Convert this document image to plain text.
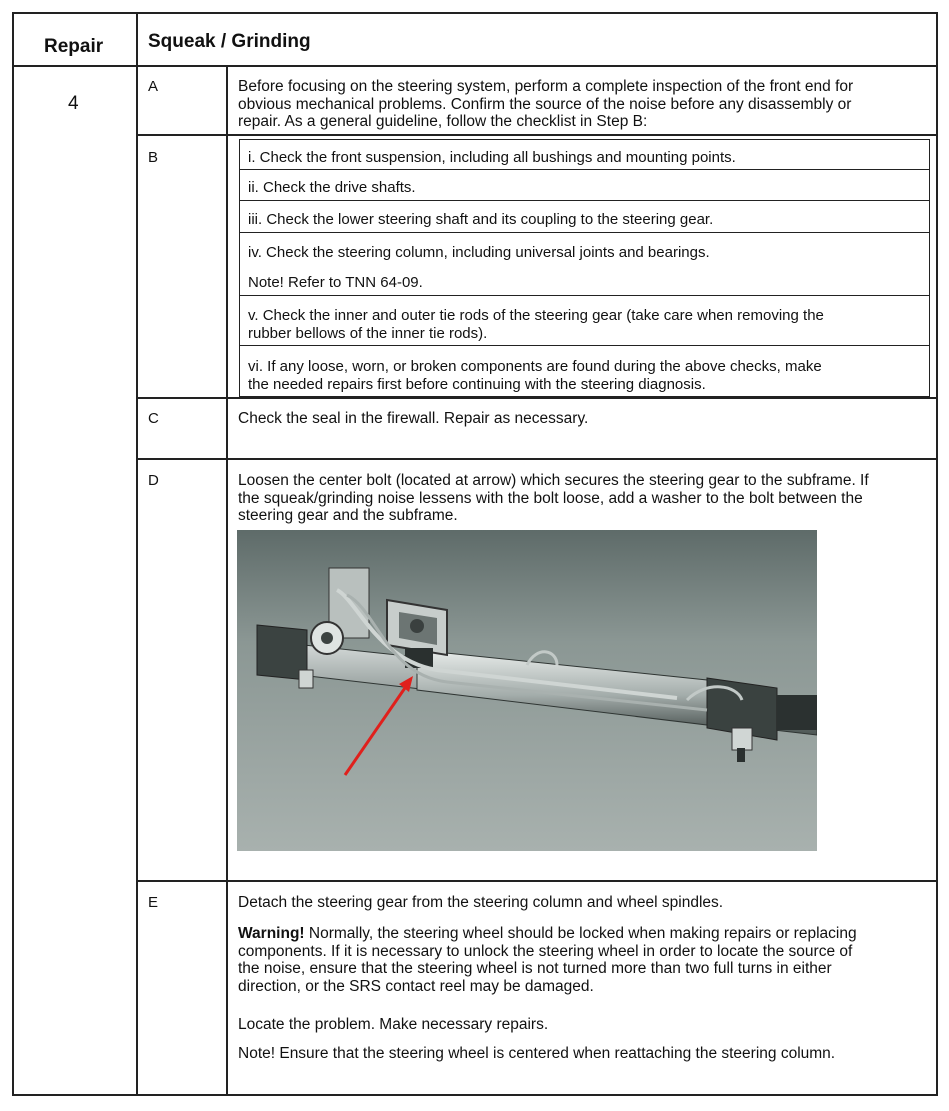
Repair Squeak / Grinding
4
A
B
C
D
E
Before focusing on the steering system, perform a complete inspection of the front end for
obvious mechanical problems. Confirm the source of the noise before any disassembly or
repair. As a general guideline, follow the checklist in Step B:
i. Check the front suspension, including all bushings and mounting points.
ii. Check the drive shafts.
iii. Check the lower steering shaft and its coupling to the steering gear.
iv. Check the steering column, including universal joints and bearings.
Note! Refer to TNN 64-09.
v. Check the inner and outer tie rods of the steering gear (take care when removing the
rubber bellows of the inner tie rods).
vi. If any loose, worn, or broken components are found during the above checks, make
the needed repairs first before continuing with the steering diagnosis.
Check the seal in the firewall. Repair as necessary.
Loosen the center bolt (located at arrow) which secures the steering gear to the subframe. If
the squeak/grinding noise lessens with the bolt loose, add a washer to the bolt between the
steering gear and the subframe.
Detach the steering gear from the steering column and wheel spindles.
Warning! Normally, the steering wheel should be locked when making repairs or replacing
components. If it is necessary to unlock the steering wheel in order to locate the source of
the noise, ensure that the steering wheel is not turned more than two full turns in either
direction, or the SRS contact reel may be damaged.
Locate the problem. Make necessary repairs.
Note! Ensure that the steering wheel is centered when reattaching the steering column.
